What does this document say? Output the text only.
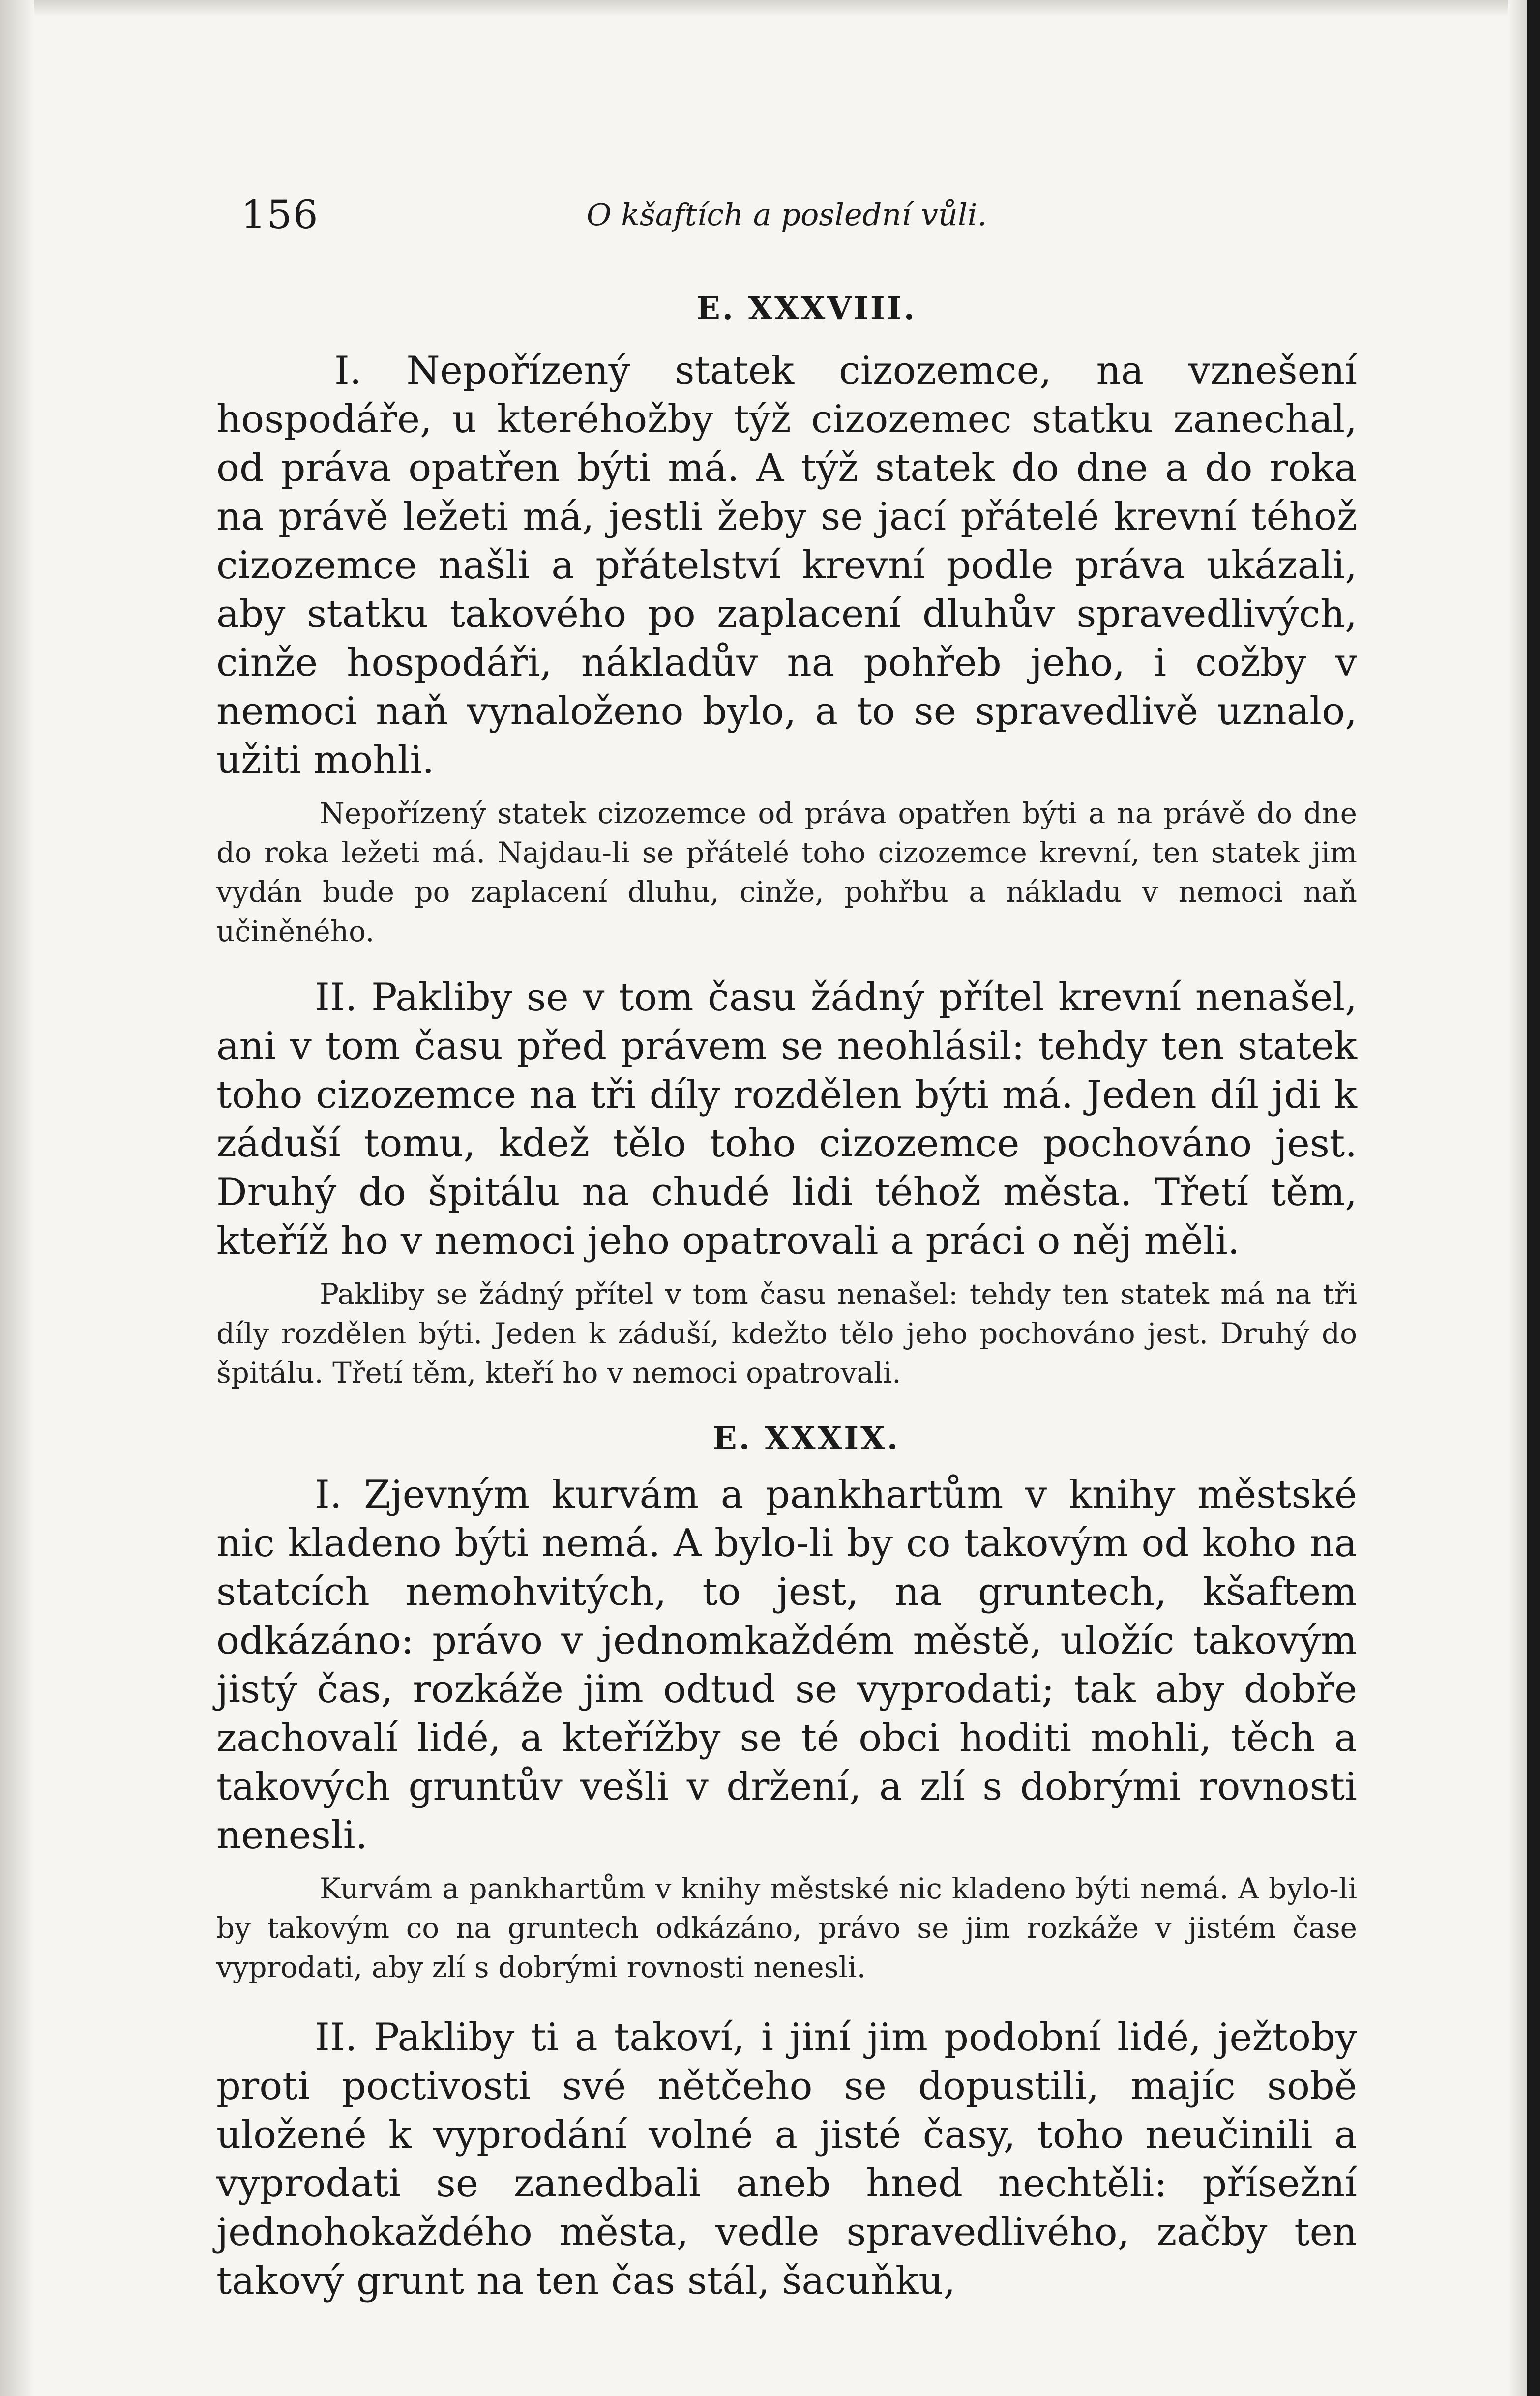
156	O kšaftích a poslední vůli.
E. XXXVIII.

I. Nepořízený statek cizozemce, na vznešení hospodáře, u kteréhožby týž cizozemec statku zanechal, od práva opatřen býti má. A týž statek do dne a do roka na právě ležeti má, jestli žeby se jací přátelé krevní téhož cizozemce našli a přátelství krevní podle práva ukázali, aby statku takového po zaplacení dluhův spravedlivých, cinže hospodáři, nákladův na pohřeb jeho, i cožby v nemoci naň vynaloženo bylo, a to se spravedlivě uznalo, užiti mohli.

Nepořízený statek cizozemce od práva opatřen býti a na právě do dne do roka ležeti má. Najdau-li se přátelé toho cizozemce krevní, ten statek jim vydán bude po zaplacení dluhu, cinže, pohřbu a nákladu v nemoci naň učiněného.

II. Pakliby se v tom času žádný přítel krevní nenašel, ani v tom času před právem se neohlásil: tehdy ten statek toho cizozemce na tři díly rozdělen býti má. Jeden díl jdi k záduší tomu, kdež tělo toho cizozemce pochováno jest. Druhý do špitálu na chudé lidi téhož města. Třetí těm, kteříž ho v nemoci jeho opatrovali a práci o něj měli.

Pakliby se žádný přítel v tom času nenašel: tehdy ten statek má na tři díly rozdělen býti. Jeden k záduší, kdežto tělo jeho pochováno jest. Druhý do špitálu. Třetí těm, kteří ho v nemoci opatrovali.

E. XXXIX.

I. Zjevným kurvám a pankhartům v knihy městské nic kladeno býti nemá. A bylo-li by co takovým od koho na statcích nemohvitých, to jest, na gruntech, kšaftem odkázáno: právo v jednomkaždém městě, uložíc takovým jistý čas, rozkáže jim odtud se vyprodati; tak aby dobře zachovalí lidé, a kteřížby se té obci hoditi mohli, těch a takových gruntův vešli v držení, a zlí s dobrými rovnosti nenesli.

Kurvám a pankhartům v knihy městské nic kladeno býti nemá. A bylo-li by takovým co na gruntech odkázáno, právo se jim rozkáže v jistém čase vyprodati, aby zlí s dobrými rovnosti nenesli.

II. Pakliby ti a takoví, i jiní jim podobní lidé, ježtoby proti poctivosti své nětčeho se dopustili, majíc sobě uložené k vyprodání volné a jisté časy, toho neučinili a vyprodati se zanedbali aneb hned nechtěli: přísežní jednohokaždého města, vedle spravedlivého, začby ten takový grunt na ten čas stál, šacuňku,
